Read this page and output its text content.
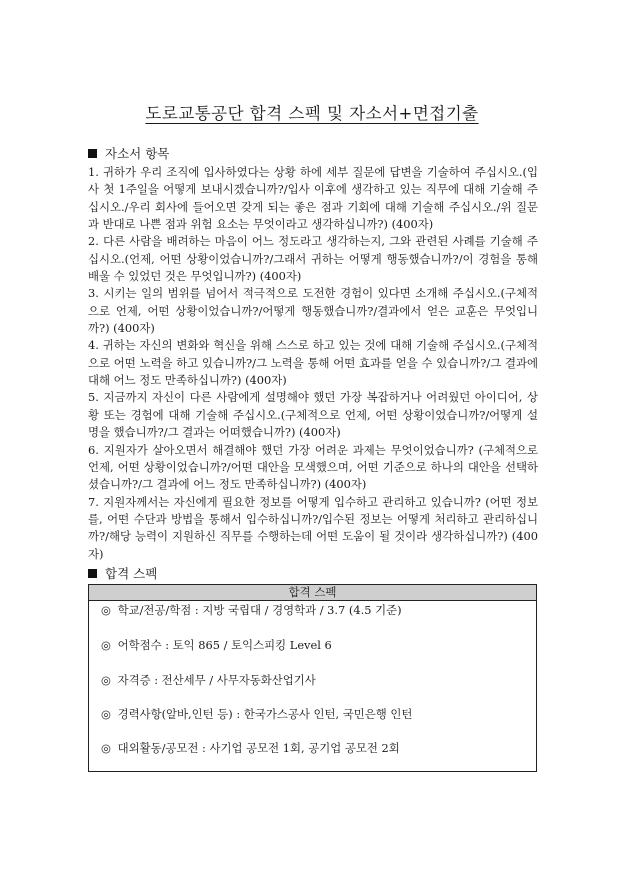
도로교통공단 합격 스펙 및 자소서+면접기출
자소서 항목

1. 귀하가 우리 조직에 입사하였다는 상황 하에 세부 질문에 답변을 기술하여 주십시오.(입사 첫 1주일을 어떻게 보내시겠습니까?/입사 이후에 생각하고 있는 직무에 대해 기술해 주십시오./우리 회사에 들어오면 갖게 되는 좋은 점과 기회에 대해 기술해 주십시오./위 질문과 반대로 나쁜 점과 위험 요소는 무엇이라고 생각하십니까?) (400자)

2. 다른 사람을 배려하는 마음이 어느 정도라고 생각하는지, 그와 관련된 사례를 기술해 주십시오.(언제, 어떤 상황이었습니까?/그래서 귀하는 어떻게 행동했습니까?/이 경험을 통해 배울 수 있었던 것은 무엇입니까?) (400자)

3. 시키는 일의 범위를 넘어서 적극적으로 도전한 경험이 있다면 소개해 주십시오.(구체적으로 언제, 어떤 상황이었습니까?/어떻게 행동했습니까?/결과에서 얻은 교훈은 무엇입니까?) (400자)

4. 귀하는 자신의 변화와 혁신을 위해 스스로 하고 있는 것에 대해 기술해 주십시오.(구체적으로 어떤 노력을 하고 있습니까?/그 노력을 통해 어떤 효과를 얻을 수 있습니까?/그 결과에 대해 어느 정도 만족하십니까?) (400자)

5. 지금까지 자신이 다른 사람에게 설명해야 했던 가장 복잡하거나 어려웠던 아이디어, 상황 또는 경험에 대해 기술해 주십시오.(구체적으로 언제, 어떤 상황이었습니까?/어떻게 설명을 했습니까?/그 결과는 어떠했습니까?) (400자)

6. 지원자가 살아오면서 해결해야 했던 가장 어려운 과제는 무엇이었습니까? (구체적으로 언제, 어떤 상황이었습니까?/어떤 대안을 모색했으며, 어떤 기준으로 하나의 대안을 선택하셨습니까?/그 결과에 어느 정도 만족하십니까?) (400자)

7. 지원자께서는 자신에게 필요한 정보를 어떻게 입수하고 관리하고 있습니까? (어떤 정보를, 어떤 수단과 방법을 통해서 입수하십니까?/입수된 정보는 어떻게 처리하고 관리하십니까?/해당 능력이 지원하신 직무를 수행하는데 어떤 도움이 될 것이라 생각하십니까?) (400자)

합격 스펙
합격 스펙
◎ 학교/전공/학점 : 지방 국립대 / 경영학과 / 3.7 (4.5 기준)
◎ 어학점수 : 토익 865 / 토익스피킹 Level 6
◎ 자격증 : 전산세무 / 사무자동화산업기사
◎ 경력사항(알바,인턴 등) : 한국가스공사 인턴, 국민은행 인턴
◎ 대외활동/공모전 : 사기업 공모전 1회, 공기업 공모전 2회
